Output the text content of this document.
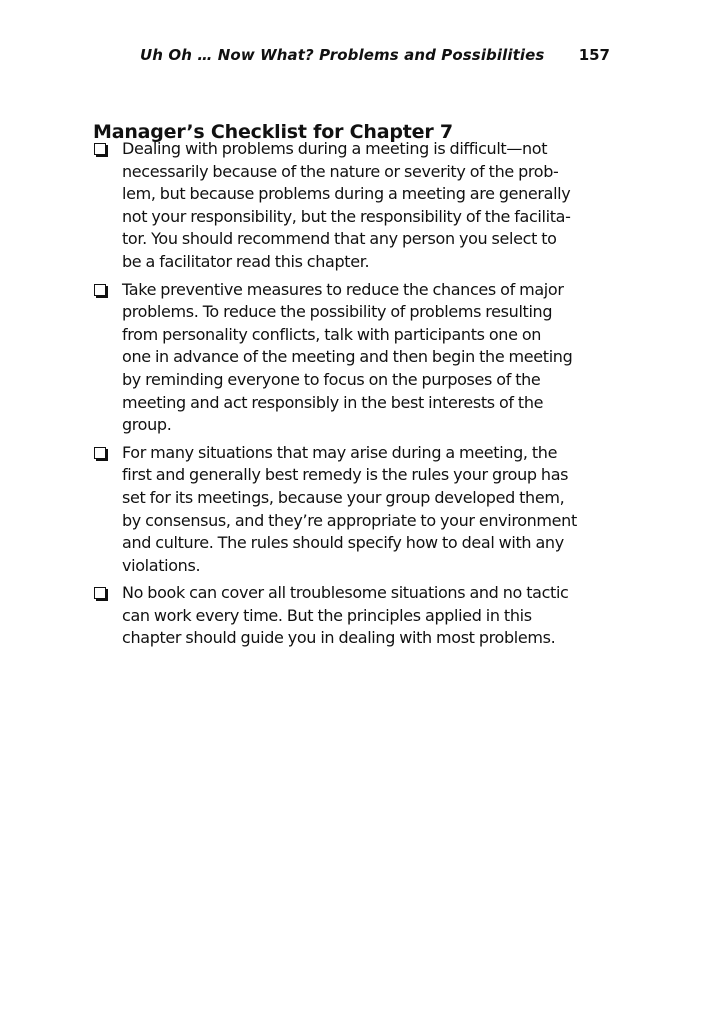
Uh Oh … Now What? Problems and Possibilities 157
Manager’s Checklist for Chapter 7
Dealing with problems during a meeting is difficult—not
necessarily because of the nature or severity of the prob-
lem, but because problems during a meeting are generally
not your responsibility, but the responsibility of the facilita-
tor. You should recommend that any person you select to
be a facilitator read this chapter.
Take preventive measures to reduce the chances of major
problems. To reduce the possibility of problems resulting
from personality conflicts, talk with participants one on
one in advance of the meeting and then begin the meeting
by reminding everyone to focus on the purposes of the
meeting and act responsibly in the best interests of the
group.
For many situations that may arise during a meeting, the
first and generally best remedy is the rules your group has
set for its meetings, because your group developed them,
by consensus, and they’re appropriate to your environment
and culture. The rules should specify how to deal with any
violations.
No book can cover all troublesome situations and no tactic
can work every time. But the principles applied in this
chapter should guide you in dealing with most problems.
